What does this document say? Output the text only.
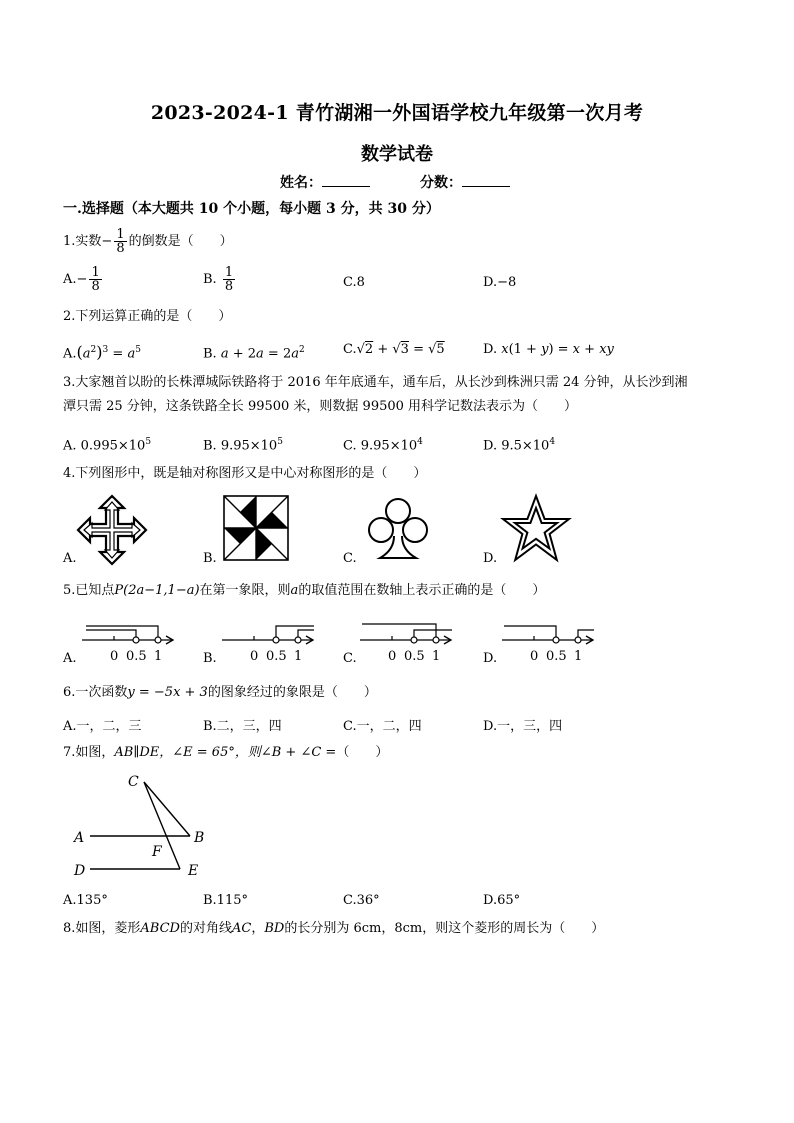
2023-2024-1 青竹湖湘一外国语学校九年级第一次月考
数学试卷
姓名：	分数：
一.选择题（本大题共 10 个小题，每小题 3 分，共 30 分）
1.实数− $\frac{1}{8}$ 的倒数是（　　）
$A.- \frac{1}{8}$	B. $\frac{1}{8}$	C.8	D.−8
2.下列运算正确的是（　　）
$A.(a^2)^3 = a^5$	B. $a + 2a = 2a^2$	C.√2 + √3 = √5	D. x(1 + y) = x + xy
3.大家翘首以盼的长株潭城际铁路将于 2016 年年底通车，通车后，从长沙到株洲只需 24 分钟，从长沙到湘
潭只需 25 分钟，这条铁路全长 99500 米，则数据 99500 用科学记数法表示为（　　）
A. $0.995\times 10^5$	B. $9.95\times 10^5$	C. $9.95\times 10^4$	D. $9.5\times 10^4$
4.下列图形中，既是轴对称图形又是中心对称图形的是（　　）
A.	B.	C.	D.
5.已知点P(2a−1,1−a)在第一象限，则a的取值范围在数轴上表示正确的是（　　）
0 0.5 1
A.	0 0.5 1
B.	0 0.5 1
C.	0 0.5 1
D.
6.一次函数y = −5x + 3的图象经过的象限是（　　）
A.一，二，三	B.二，三，四	C.一，二，四	D.一，三，四
7.如图，AB∥DE，∠E = 65°，则∠B + ∠C =（　　）
C
A	B
F
D	E
A.135°	B.115°	C.36°	D.65°
8.如图，菱形ABCD的对角线AC，BD的长分别为 6cm，8cm，则这个菱形的周长为（　　）
